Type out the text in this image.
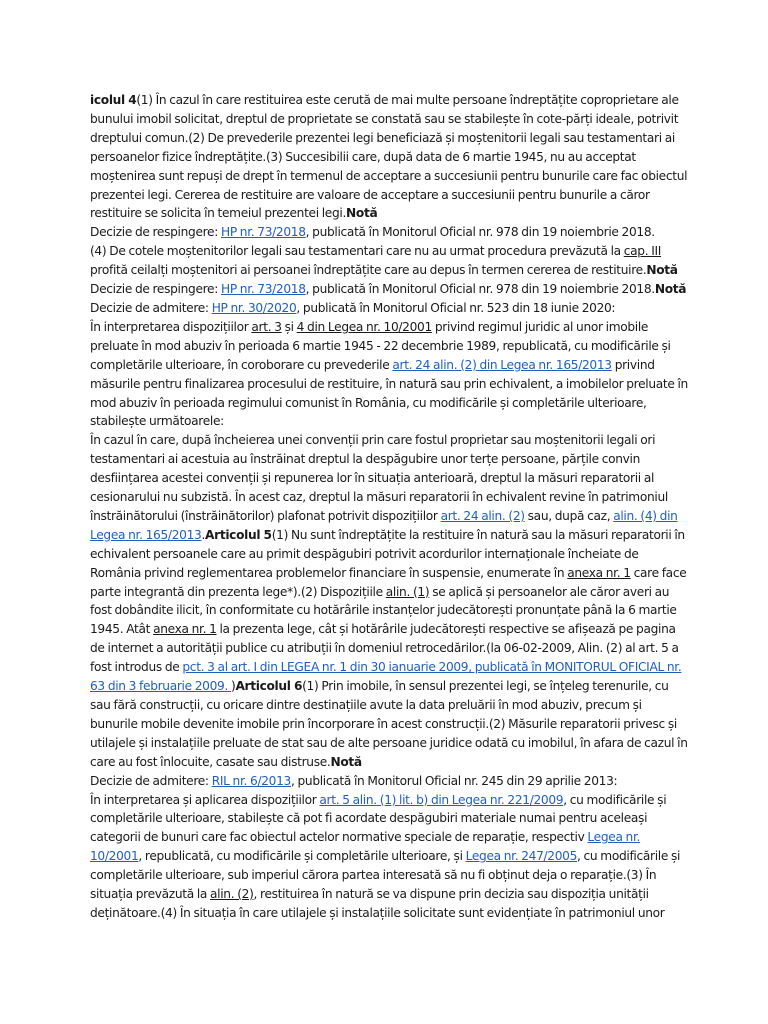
icolul 4(1) În cazul în care restituirea este cerută de mai multe persoane îndreptățite coproprietare ale bunului imobil solicitat, dreptul de proprietate se constată sau se stabilește în cote-părți ideale, potrivit dreptului comun.(2) De prevederile prezentei legi beneficiază și moștenitorii legali sau testamentari ai persoanelor fizice îndreptățite.(3) Succesibilii care, după data de 6 martie 1945, nu au acceptat moștenirea sunt repuși de drept în termenul de acceptare a succesiunii pentru bunurile care fac obiectul prezentei legi. Cererea de restituire are valoare de acceptare a succesiunii pentru bunurile a căror restituire se solicita în temeiul prezentei legi.Notă

Decizie de respingere: HP nr. 73/2018, publicată în Monitorul Oficial nr. 978 din 19 noiembrie 2018.

(4) De cotele moștenitorilor legali sau testamentari care nu au urmat procedura prevăzută la cap. III profită ceilalți moștenitori ai persoanei îndreptățite care au depus în termen cererea de restituire.Notă

Decizie de respingere: HP nr. 73/2018, publicată în Monitorul Oficial nr. 978 din 19 noiembrie 2018.Notă

Decizie de admitere: HP nr. 30/2020, publicată în Monitorul Oficial nr. 523 din 18 iunie 2020:

În interpretarea dispozițiilor art. 3 și 4 din Legea nr. 10/2001 privind regimul juridic al unor imobile preluate în mod abuziv în perioada 6 martie 1945 - 22 decembrie 1989, republicată, cu modificările și completările ulterioare, în coroborare cu prevederile art. 24 alin. (2) din Legea nr. 165/2013 privind măsurile pentru finalizarea procesului de restituire, în natură sau prin echivalent, a imobilelor preluate în mod abuziv în perioada regimului comunist în România, cu modificările și completările ulterioare, stabilește următoarele:

În cazul în care, după încheierea unei convenții prin care fostul proprietar sau moștenitorii legali ori testamentari ai acestuia au înstrăinat dreptul la despăgubire unor terțe persoane, părțile convin desființarea acestei convenții și repunerea lor în situația anterioară, dreptul la măsuri reparatorii al cesionarului nu subzistă. În acest caz, dreptul la măsuri reparatorii în echivalent revine în patrimoniul înstrăinătorului (înstrăinătorilor) plafonat potrivit dispozițiilor art. 24 alin. (2) sau, după caz, alin. (4) din Legea nr. 165/2013.Articolul 5(1) Nu sunt îndreptățite la restituire în natură sau la măsuri reparatorii în echivalent persoanele care au primit despăgubiri potrivit acordurilor internaționale încheiate de România privind reglementarea problemelor financiare în suspensie, enumerate în anexa nr. 1 care face parte integrantă din prezenta lege*).(2) Dispozițiile alin. (1) se aplică și persoanelor ale căror averi au fost dobândite ilicit, în conformitate cu hotărârile instanțelor judecătorești pronunțate până la 6 martie 1945. Atât anexa nr. 1 la prezenta lege, cât și hotărârile judecătorești respective se afișează pe pagina de internet a autorității publice cu atribuții în domeniul retrocedărilor.(la 06-02-2009, Alin. (2) al art. 5 a fost introdus de pct. 3 al art. I din LEGEA nr. 1 din 30 ianuarie 2009, publicată în MONITORUL OFICIAL nr. 63 din 3 februarie 2009. )Articolul 6(1) Prin imobile, în sensul prezentei legi, se înțeleg terenurile, cu sau fără construcții, cu oricare dintre destinațiile avute la data preluării în mod abuziv, precum și bunurile mobile devenite imobile prin încorporare în acest construcții.(2) Măsurile reparatorii privesc și utilajele și instalațiile preluate de stat sau de alte persoane juridice odată cu imobilul, în afara de cazul în care au fost înlocuite, casate sau distruse.Notă

Decizie de admitere: RIL nr. 6/2013, publicată în Monitorul Oficial nr. 245 din 29 aprilie 2013:

În interpretarea și aplicarea dispozițiilor art. 5 alin. (1) lit. b) din Legea nr. 221/2009, cu modificările și completările ulterioare, stabilește că pot fi acordate despăgubiri materiale numai pentru aceleași categorii de bunuri care fac obiectul actelor normative speciale de reparație, respectiv Legea nr. 10/2001, republicată, cu modificările și completările ulterioare, și Legea nr. 247/2005, cu modificările și completările ulterioare, sub imperiul cărora partea interesată să nu fi obținut deja o reparație.(3) În situația prevăzută la alin. (2), restituirea în natură se va dispune prin decizia sau dispoziția unității deținătoare.(4) În situația în care utilajele și instalațiile solicitate sunt evidențiate în patrimoniul unor
